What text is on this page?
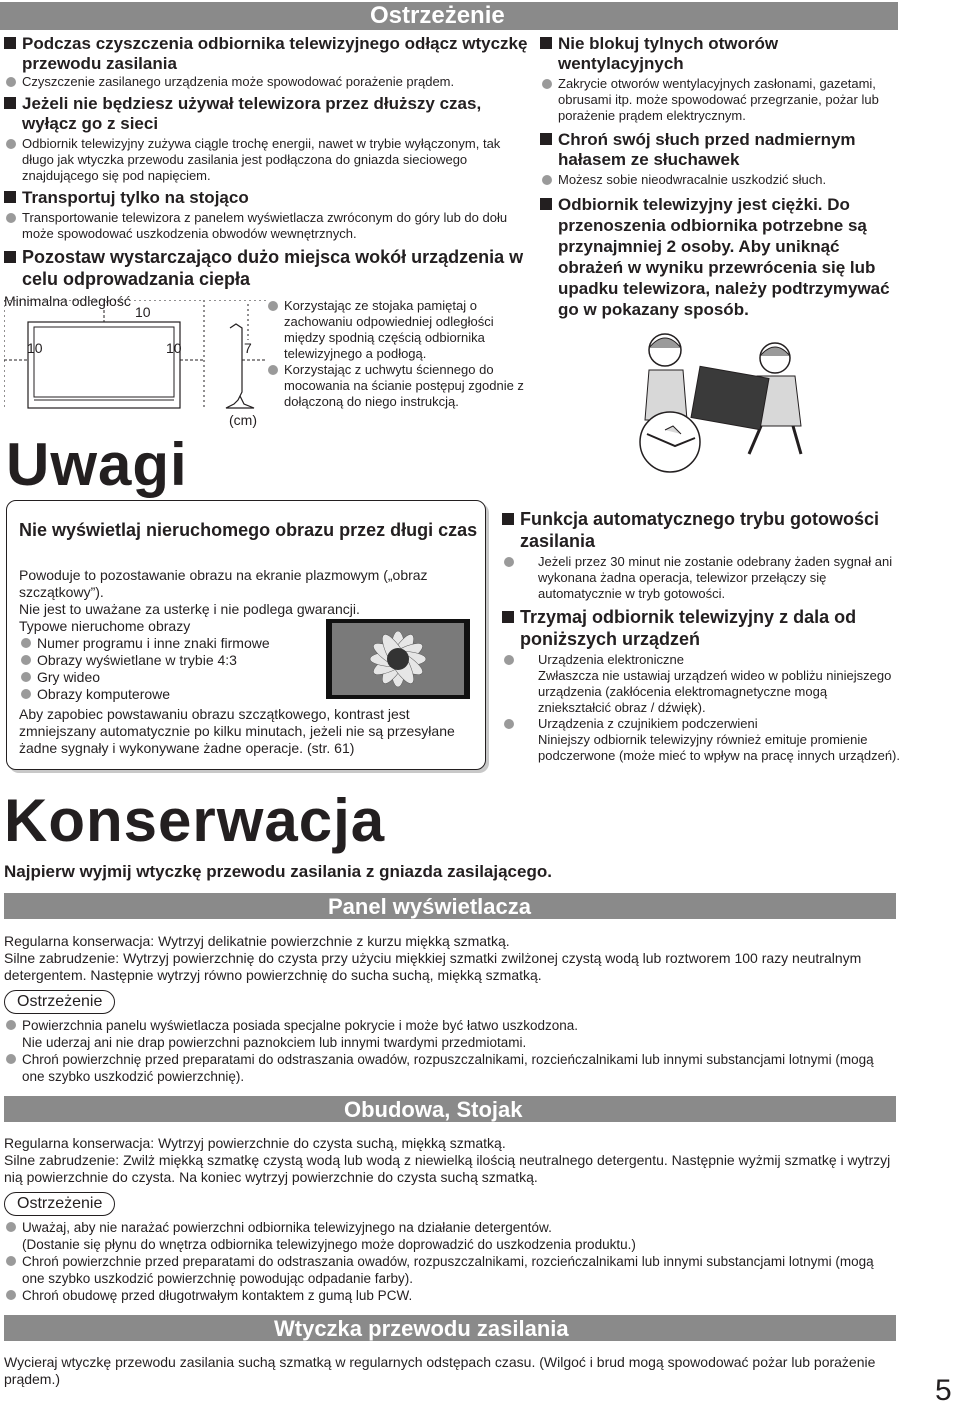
Ostrzeżenie
Podczas czyszczenia odbiornika telewizyjnego odłącz wtyczkę przewodu zasilania
Czyszczenie zasilanego urządzenia może spowodować porażenie prądem.
Jeżeli nie będziesz używał telewizora przez dłuższy czas, wyłącz go z sieci
Odbiornik telewizyjny zużywa ciągle trochę energii, nawet w trybie wyłączonym, tak długo jak wtyczka przewodu zasilania jest podłączona do gniazda sieciowego znajdującego się pod napięciem.
Transportuj tylko na stojąco
Transportowanie telewizora z panelem wyświetlacza zwróconym do góry lub do dołu może spowodować uszkodzenia obwodów wewnętrznych.
Pozostaw wystarczająco dużo miejsca wokół urządzenia w celu odprowadzania ciepła
Minimalna odległość
10
10	10	7
(cm)
Korzystając ze stojaka pamiętaj o zachowaniu odpowiedniej odległości między spodnią częścią odbiornika telewizyjnego a podłogą.
Korzystając z uchwytu ściennego do mocowania na ścianie postępuj zgodnie z dołączoną do niego instrukcją.
Nie blokuj tylnych otworów wentylacyjnych
Zakrycie otworów wentylacyjnych zasłonami, gazetami, obrusami itp. może spowodować przegrzanie, pożar lub porażenie prądem elektrycznym.
Chroń swój słuch przed nadmiernym hałasem ze słuchawek
Możesz sobie nieodwracalnie uszkodzić słuch.
Odbiornik telewizyjny jest ciężki. Do przenoszenia odbiornika potrzebne są przynajmniej 2 osoby. Aby uniknąć obrażeń w wyniku przewrócenia się lub upadku telewizora, należy podtrzymywać go w pokazany sposób.
Uwagi
Nie wyświetlaj nieruchomego obrazu przez długi czas
Powoduje to pozostawanie obrazu na ekranie plazmowym („obraz szczątkowy”).
Nie jest to uważane za usterkę i nie podlega gwarancji.
Typowe nieruchome obrazy
Numer programu i inne znaki firmowe
Obrazy wyświetlane w trybie 4:3
Gry wideo
Obrazy komputerowe
Aby zapobiec powstawaniu obrazu szczątkowego, kontrast jest zmniejszany automatycznie po kilku minutach, jeżeli nie są przesyłane żadne sygnały i wykonywane żadne operacje. (str. 61)
Funkcja automatycznego trybu gotowości zasilania
Jeżeli przez 30 minut nie zostanie odebrany żaden sygnał ani wykonana żadna operacja, telewizor przełączy się automatycznie w tryb gotowości.
Trzymaj odbiornik telewizyjny z dala od poniższych urządzeń
Urządzenia elektroniczne
Zwłaszcza nie ustawiaj urządzeń wideo w pobliżu niniejszego urządzenia (zakłócenia elektromagnetyczne mogą zniekształcić obraz / dźwięk).
Urządzenia z czujnikiem podczerwieni
Niniejszy odbiornik telewizyjny również emituje promienie podczerwone (może mieć to wpływ na pracę innych urządzeń).
Konserwacja
Najpierw wyjmij wtyczkę przewodu zasilania z gniazda zasilającego.
Panel wyświetlacza
Regularna konserwacja: Wytrzyj delikatnie powierzchnie z kurzu miękką szmatką.
Silne zabrudzenie: Wytrzyj powierzchnię do czysta przy użyciu miękkiej szmatki zwilżonej czystą wodą lub roztworem 100 razy neutralnym detergentem. Następnie wytrzyj równo powierzchnię do sucha suchą, miękką szmatką.
Ostrzeżenie
Powierzchnia panelu wyświetlacza posiada specjalne pokrycie i może być łatwo uszkodzona.
Nie uderzaj ani nie drap powierzchni paznokciem lub innymi twardymi przedmiotami.
Chroń powierzchnię przed preparatami do odstraszania owadów, rozpuszczalnikami, rozcieńczalnikami lub innymi substancjami lotnymi (mogą one szybko uszkodzić powierzchnię).
Obudowa, Stojak
Regularna konserwacja: Wytrzyj powierzchnie do czysta suchą, miękką szmatką.
Silne zabrudzenie: Zwilż miękką szmatkę czystą wodą lub wodą z niewielką ilością neutralnego detergentu. Następnie wyżmij szmatkę i wytrzyj nią powierzchnie do czysta. Na koniec wytrzyj powierzchnie do czysta suchą szmatką.
Ostrzeżenie
Uważaj, aby nie narażać powierzchni odbiornika telewizyjnego na działanie detergentów.
(Dostanie się płynu do wnętrza odbiornika telewizyjnego może doprowadzić do uszkodzenia produktu.)
Chroń powierzchnie przed preparatami do odstraszania owadów, rozpuszczalnikami, rozcieńczalnikami lub innymi substancjami lotnymi (mogą one szybko uszkodzić powierzchnię powodując odpadanie farby).
Chroń obudowę przed długotrwałym kontaktem z gumą lub PCW.
Wtyczka przewodu zasilania
Wycieraj wtyczkę przewodu zasilania suchą szmatką w regularnych odstępach czasu. (Wilgoć i brud mogą spowodować pożar lub porażenie prądem.)	5
